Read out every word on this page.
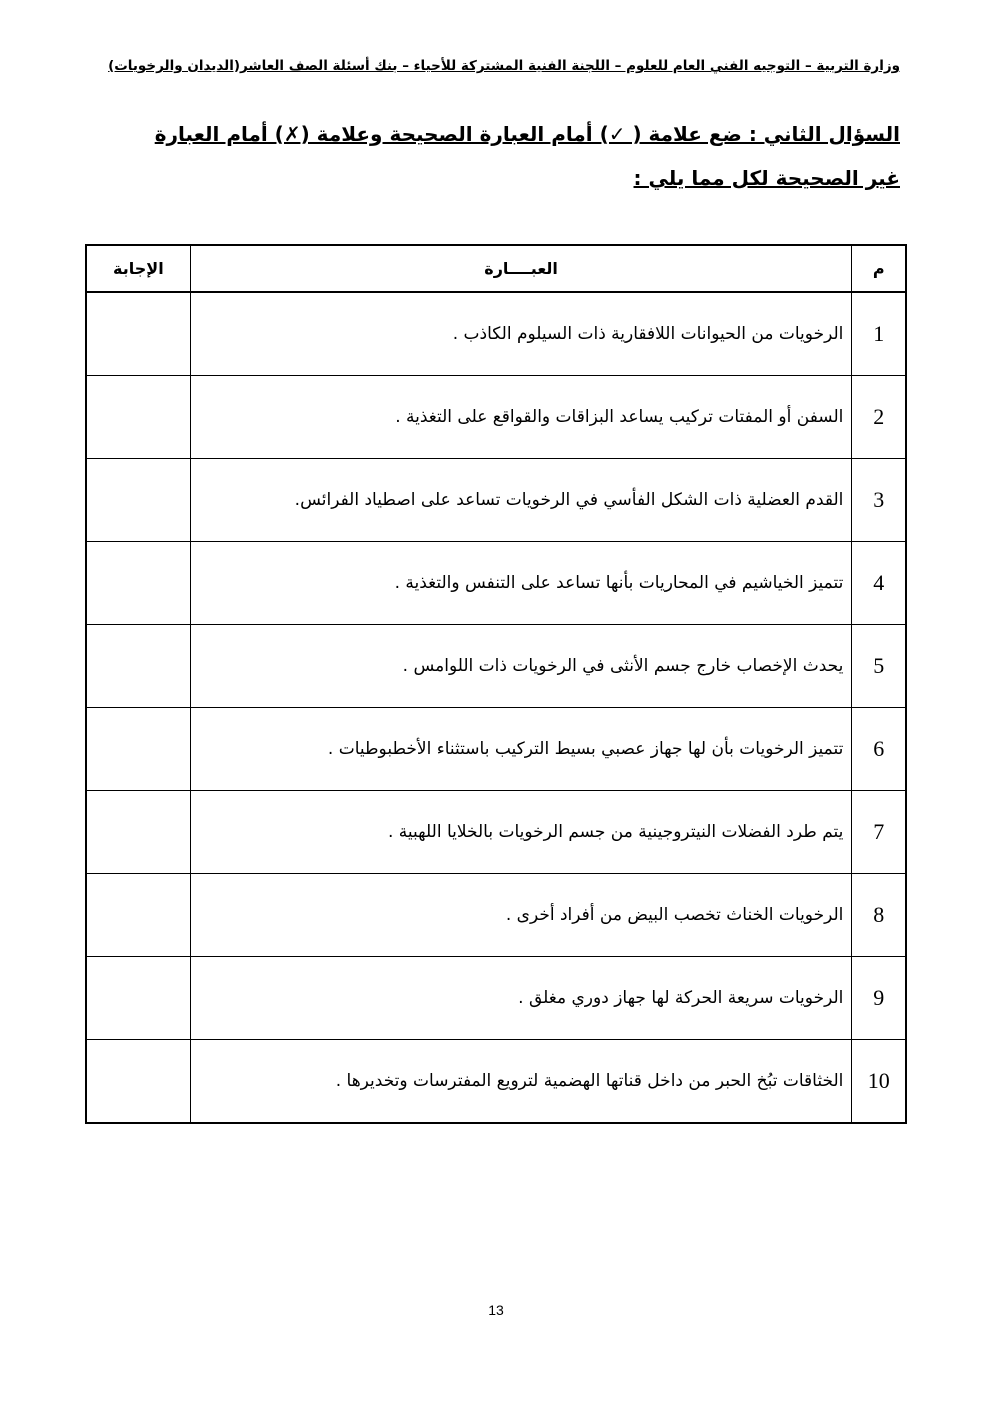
وزارة التربية – التوجيه الفني العام للعلوم – اللجنة الفنية المشتركة للأحياء – بنك أسئلة الصف العاشر(الديدان والرخويات)
السؤال الثاني : ضع علامة ( ✓) أمام العبارة الصحيحة وعلامة (✗) أمام العبارة غير الصحيحة لكل مما يلي :
م	العبــــارة	الإجابة
1	الرخويات من الحيوانات اللافقارية ذات السيلوم الكاذب .	
2	السفن أو المفتات تركيب يساعد البزاقات والقواقع على التغذية .	
3	القدم العضلية ذات الشكل الفأسي في الرخويات تساعد على اصطياد الفرائس.	
4	تتميز الخياشيم في المحاريات بأنها تساعد على التنفس والتغذية .	
5	يحدث الإخصاب خارج جسم الأنثى في الرخويات ذات اللوامس .	
6	تتميز الرخويات بأن لها جهاز عصبي بسيط التركيب باستثناء الأخطبوطيات .	
7	يتم طرد الفضلات النيتروجينية من جسم الرخويات بالخلايا اللهبية .	
8	الرخويات الخناث تخصب البيض من أفراد أخرى .	
9	الرخويات سريعة الحركة لها جهاز دوري مغلق .	
10	الخثاقات تبُخ الحبر من داخل قناتها الهضمية لترويع المفترسات وتخديرها .	
13
